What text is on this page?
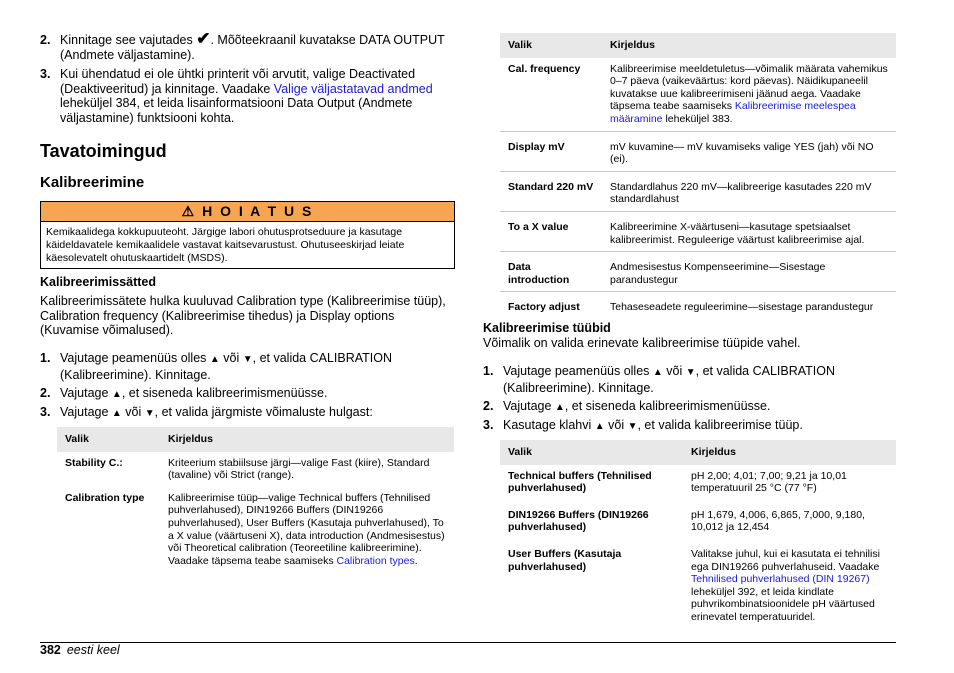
2. Kinnitage see vajutades ✔. Mõõteekraanil kuvatakse DATA OUTPUT (Andmete väljastamine).
3. Kui ühendatud ei ole ühtki printerit või arvutit, valige Deactivated (Deaktiveeritud) ja kinnitage. Vaadake Valige väljastatavad andmed leheküljel 384, et leida lisainformatsiooni Data Output (Andmete väljastamine) funktsiooni kohta.
Tavatoimingud
Kalibreerimine
⚠ H O I A T U S
Kemikaalidega kokkupuuteoht. Järgige labori ohutusprotseduure ja kasutage käideldavatele kemikaalidele vastavat kaitsevarustust. Ohutuseeskirjad leiate käesolevatelt ohutuskaartidelt (MSDS).
Kalibreerimissätted

Kalibreerimissätete hulka kuuluvad Calibration type (Kalibreerimise tüüp), Calibration frequency (Kalibreerimise tihedus) ja Display options (Kuvamise võimalused).

1. Vajutage peamenüüs olles ▲ või ▼, et valida CALIBRATION (Kalibreerimine). Kinnitage.
2. Vajutage ▲, et siseneda kalibreerimismenüüsse.
3. Vajutage ▲ või ▼, et valida järgmiste võimaluste hulgast:
Valik	Kirjeldus
Stability C.:	Kriteerium stabiilsuse järgi—valige Fast (kiire), Standard (tavaline) või Strict (range).
Calibration type	Kalibreerimise tüüp—valige Technical buffers (Tehnilised puhverlahused), DIN19266 Buffers (DIN19266 puhverlahused), User Buffers (Kasutaja puhverlahused), To a X value (väärtuseni X), data introduction (Andmesisestus) või Theoretical calibration (Teoreetiline kalibreerimine). Vaadake täpsema teabe saamiseks Calibration types.
Valik	Kirjeldus
Cal. frequency	Kalibreerimise meeldetuletus—võimalik määrata vahemikus 0–7 päeva (vaikeväärtus: kord päevas). Näidikupaneelil kuvatakse uue kalibreerimiseni jäänud aega. Vaadake täpsema teabe saamiseks Kalibreerimise meelespea määramine leheküljel 383.
Display mV	mV kuvamine— mV kuvamiseks valige YES (jah) või NO (ei).
Standard 220 mV	Standardlahus 220 mV—kalibreerige kasutades 220 mV standardlahust
To a X value	Kalibreerimine X-väärtuseni—kasutage spetsiaalset kalibreerimist. Reguleerige väärtust kalibreerimise ajal.
Data introduction	Andmesisestus Kompenseerimine—Sisestage parandustegur
Factory adjust	Tehaseseadete reguleerimine—sisestage parandustegur
Kalibreerimise tüübid

Võimalik on valida erinevate kalibreerimise tüüpide vahel.

1. Vajutage peamenüüs olles ▲ või ▼, et valida CALIBRATION (Kalibreerimine). Kinnitage.
2. Vajutage ▲, et siseneda kalibreerimismenüüsse.
3. Kasutage klahvi ▲ või ▼, et valida kalibreerimise tüüp.
Valik	Kirjeldus
Technical buffers (Tehnilised puhverlahused)	pH 2,00; 4,01; 7,00; 9,21 ja 10,01 temperatuuril 25 °C (77 °F)
DIN19266 Buffers (DIN19266 puhverlahused)	pH 1,679, 4,006, 6,865, 7,000, 9,180, 10,012 ja 12,454
User Buffers (Kasutaja puhverlahused)	Valitakse juhul, kui ei kasutata ei tehnilisi ega DIN19266 puhverlahuseid. Vaadake Tehnilised puhverlahused (DIN 19267) leheküljel 392, et leida kindlate puhvrikombinatsioonidele pH väärtused erinevatel temperatuuridel.
382 eesti keel
